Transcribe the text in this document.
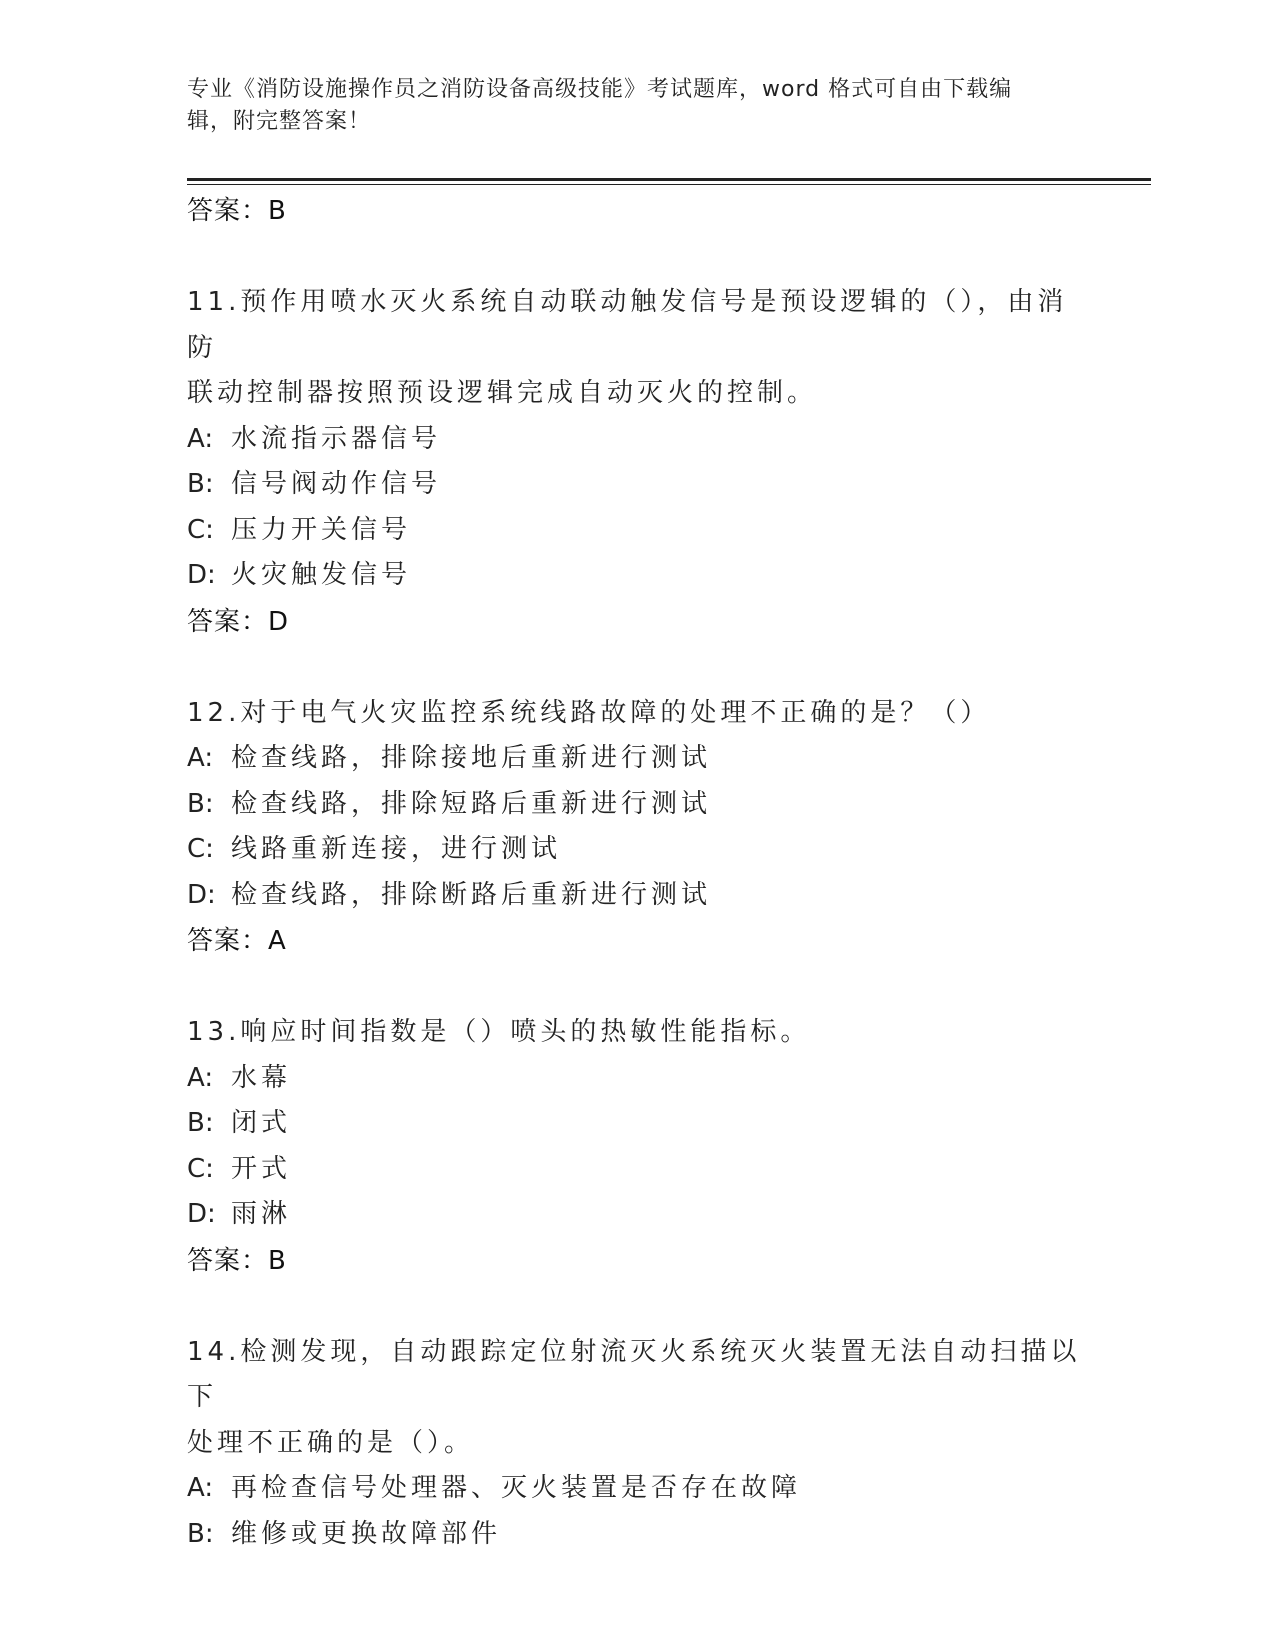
专业《消防设施操作员之消防设备高级技能》考试题库，word 格式可自由下载编
辑，附完整答案！
答案：B
11.预作用喷水灭火系统自动联动触发信号是预设逻辑的（），由消防
联动控制器按照预设逻辑完成自动灭火的控制。
A: 水流指示器信号
B: 信号阀动作信号
C: 压力开关信号
D: 火灾触发信号
答案：D
12.对于电气火灾监控系统线路故障的处理不正确的是？（）
A: 检查线路，排除接地后重新进行测试
B: 检查线路，排除短路后重新进行测试
C: 线路重新连接，进行测试
D: 检查线路，排除断路后重新进行测试
答案：A
13.响应时间指数是（）喷头的热敏性能指标。
A: 水幕
B: 闭式
C: 开式
D: 雨淋
答案：B
14.检测发现，自动跟踪定位射流灭火系统灭火装置无法自动扫描以下
处理不正确的是（）。
A: 再检查信号处理器、灭火装置是否存在故障
B: 维修或更换故障部件
